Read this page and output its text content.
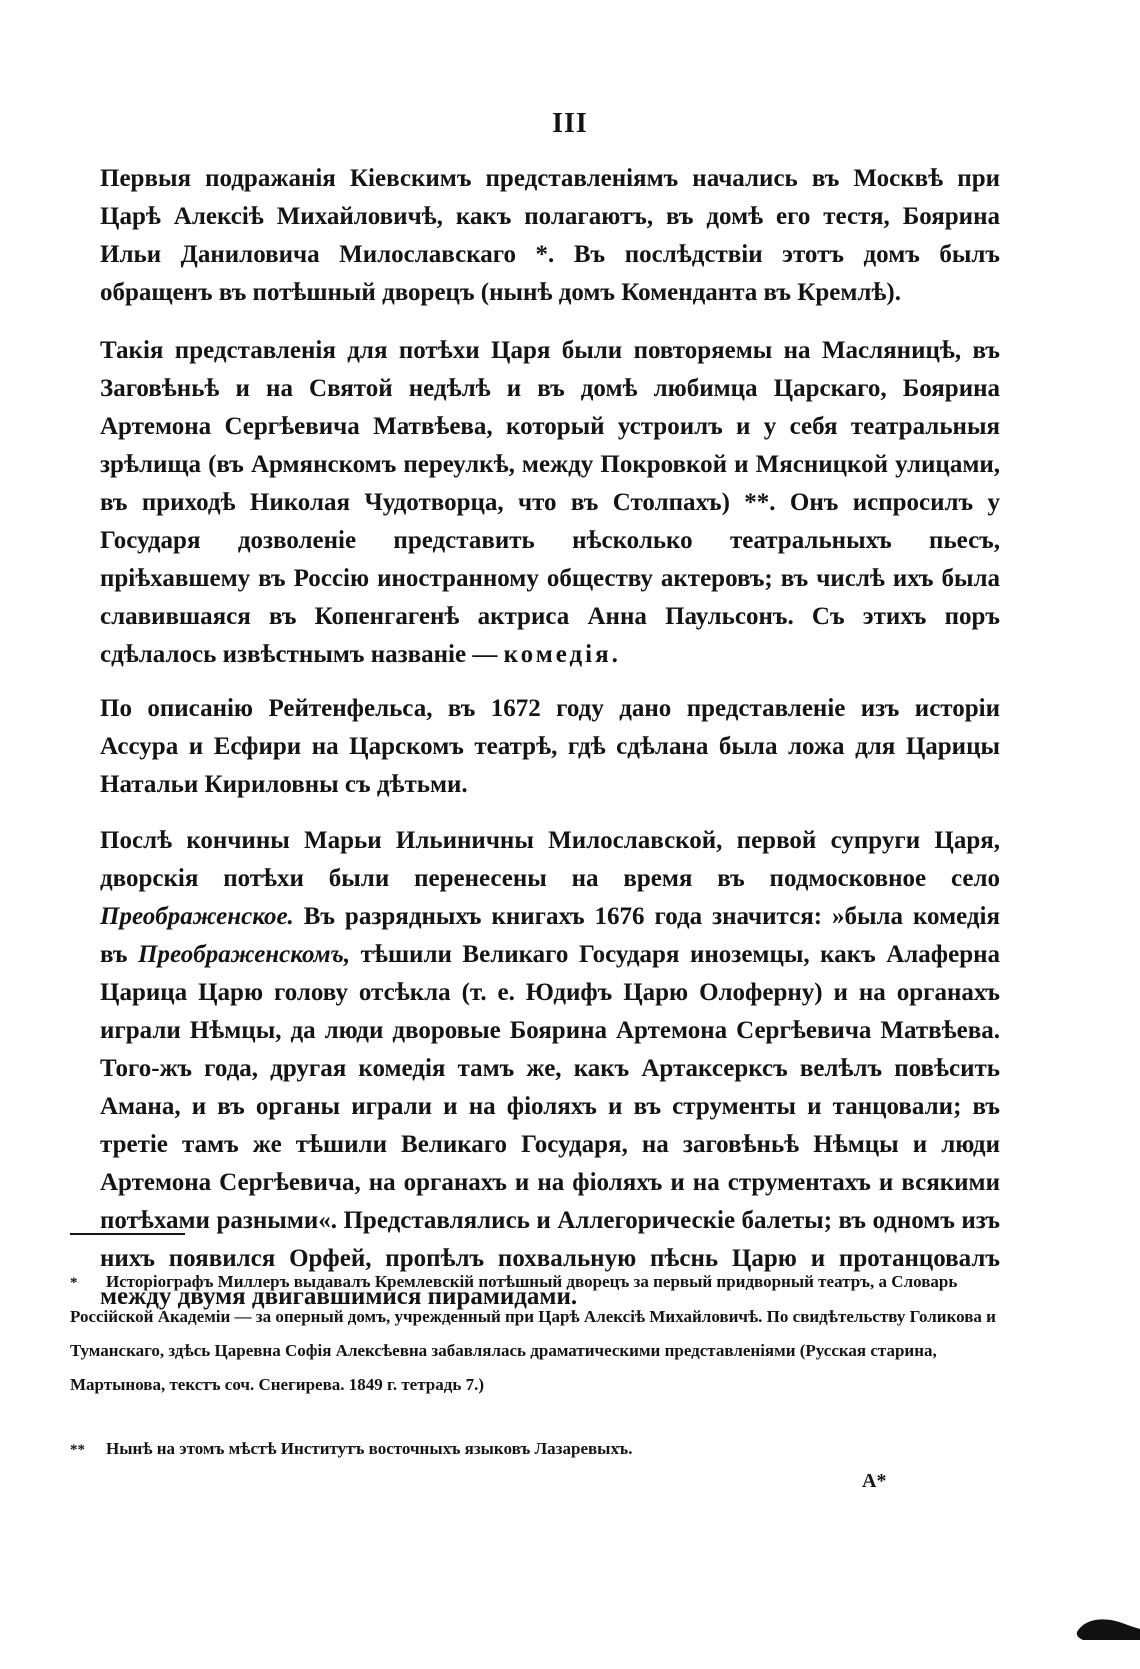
III

Первыя подражанія Кіевскимъ представленіямъ начались въ Москвѣ при Царѣ Алексіѣ Михайловичѣ, какъ полагаютъ, въ домѣ его тестя, Боярина Ильи Даниловича Милославскаго *. Въ послѣдствіи этотъ домъ былъ обращенъ въ потѣшный дворецъ (нынѣ домъ Комендaнта въ Кремлѣ).

Такія представленія для потѣхи Царя были повторяемы на Масляницѣ, въ Заговѣньѣ и на Святой недѣлѣ и въ домѣ любимца Царскаго, Боярина Артемона Сергѣевича Матвѣева, который устроилъ и у себя театральныя зрѣлища (въ Армянскомъ переулкѣ, между Покровкой и Мясницкой улицами, въ приходѣ Николая Чудотворца, что въ Столпахъ) **. Онъ испросилъ у Государя дозволеніе представить нѣсколько театральныхъ пьесъ, пріѣхавшему въ Россію иностранному обществу актеровъ; въ числѣ ихъ была славившаяся въ Копенгагенѣ актриса Анна Паульсонъ. Съ этихъ поръ сдѣлалось извѣстнымъ названіе — комедія.

По описанію Рейтенфельса, въ 1672 году дано представленіе изъ исторіи Ассура и Есфири на Царскомъ театрѣ, гдѣ сдѣлана была ложа для Царицы Натальи Кириловны съ дѣтьми.

Послѣ кончины Марьи Ильиничны Милославской, первой супруги Царя, дворскія потѣхи были перенесены на время въ подмосковное село Преображенское. Въ разрядныхъ книгахъ 1676 года значится: »была комедія въ Преображенскомъ, тѣшили Великаго Государя иноземцы, какъ Алаферна Царица Царю голову отсѣкла (т. е. Юдифъ Царю Олоферну) и на органахъ играли Нѣмцы, да люди дворовые Боярина Артемона Сергѣевича Матвѣева. Того-жъ года, другая комедія тамъ же, какъ Артаксерксъ велѣлъ повѣсить Амана, и въ органы играли и на фіоляхъ и въ струменты и танцовали; въ третіе тамъ же тѣшили Великаго Государя, на заговѣньѣ Нѣмцы и люди Артемона Сергѣевича, на органахъ и на фіоляхъ и на струментахъ и всякими потѣхами разными«. Представлялись и Аллегорическіе балеты; въ одномъ изъ нихъ появился Орфей, пропѣлъ похвальную пѣснь Царю и протанцовалъ между двумя двигавшимися пирамидами.

* Исторіографъ Миллеръ выдавалъ Кремлевскій потѣшный дворецъ за первый придворный театръ, а Словарь Россійской Академіи — за оперный домъ, учрежденный при Царѣ Алексіѣ Михайловичѣ. По свидѣтельству Голикова и Туманскаго, здѣсь Царевна Софія Алексѣевна забавлялась драматическими представленіями (Русская старина, Мартынова, текстъ соч. Снегирева. 1849 г. тетрадь 7.)

** Нынѣ на этомъ мѣстѣ Институтъ восточныхъ языковъ Лазаревыхъ.

A*
